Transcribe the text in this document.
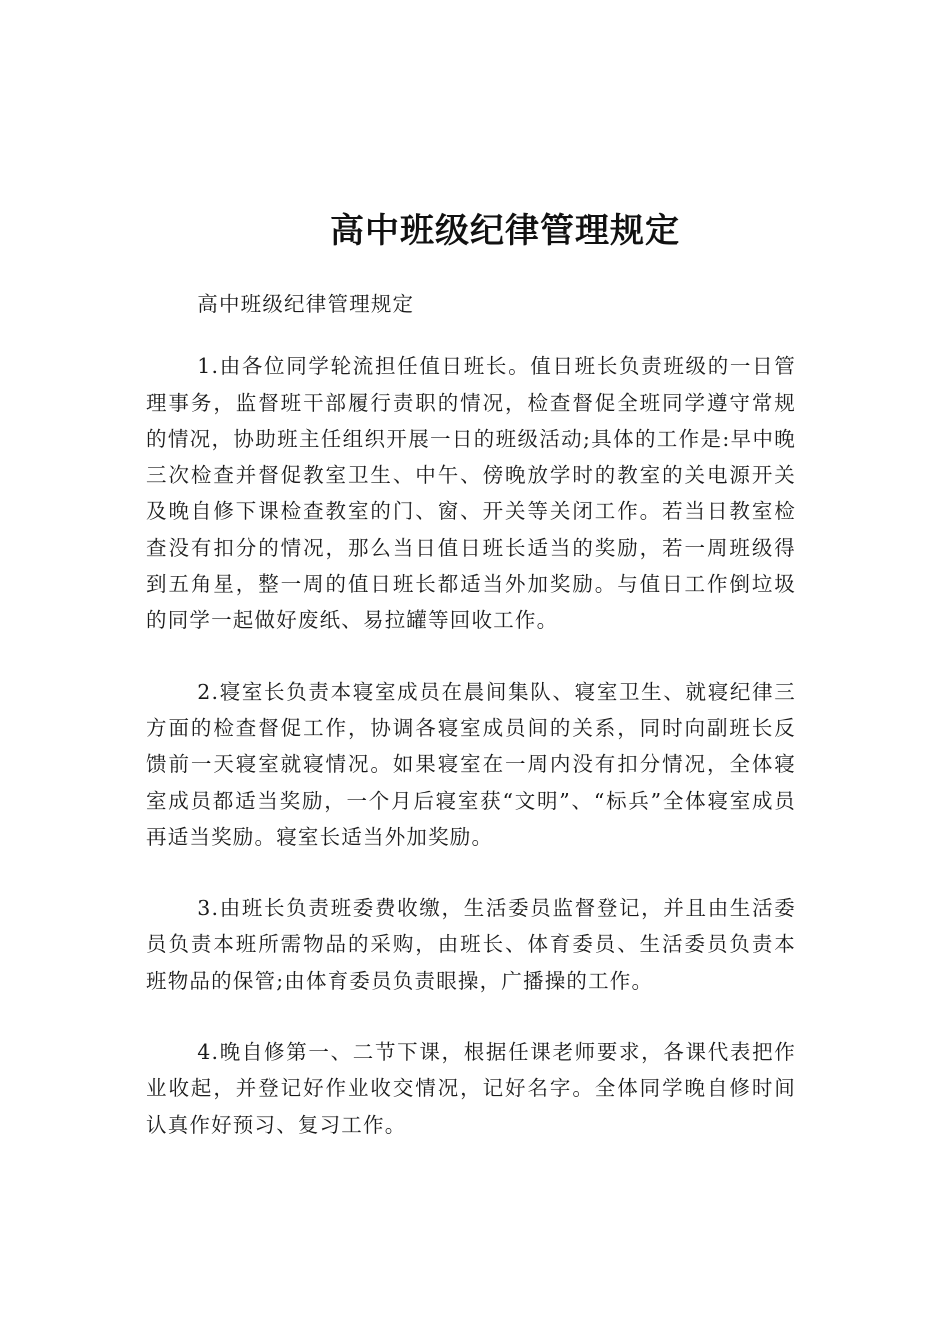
高中班级纪律管理规定

高中班级纪律管理规定

1.由各位同学轮流担任值日班长。值日班长负责班级的一日管理事务，监督班干部履行责职的情况，检查督促全班同学遵守常规的情况，协助班主任组织开展一日的班级活动;具体的工作是:早中晚三次检查并督促教室卫生、中午、傍晚放学时的教室的关电源开关及晚自修下课检查教室的门、窗、开关等关闭工作。若当日教室检查没有扣分的情况，那么当日值日班长适当的奖励，若一周班级得到五角星，整一周的值日班长都适当外加奖励。与值日工作倒垃圾的同学一起做好废纸、易拉罐等回收工作。

2.寝室长负责本寝室成员在晨间集队、寝室卫生、就寝纪律三方面的检查督促工作，协调各寝室成员间的关系，同时向副班长反馈前一天寝室就寝情况。如果寝室在一周内没有扣分情况，全体寝室成员都适当奖励，一个月后寝室获“文明”、“标兵”全体寝室成员再适当奖励。寝室长适当外加奖励。

3.由班长负责班委费收缴，生活委员监督登记，并且由生活委员负责本班所需物品的采购，由班长、体育委员、生活委员负责本班物品的保管;由体育委员负责眼操，广播操的工作。

4.晚自修第一、二节下课，根据任课老师要求，各课代表把作业收起，并登记好作业收交情况，记好名字。全体同学晚自修时间认真作好预习、复习工作。
